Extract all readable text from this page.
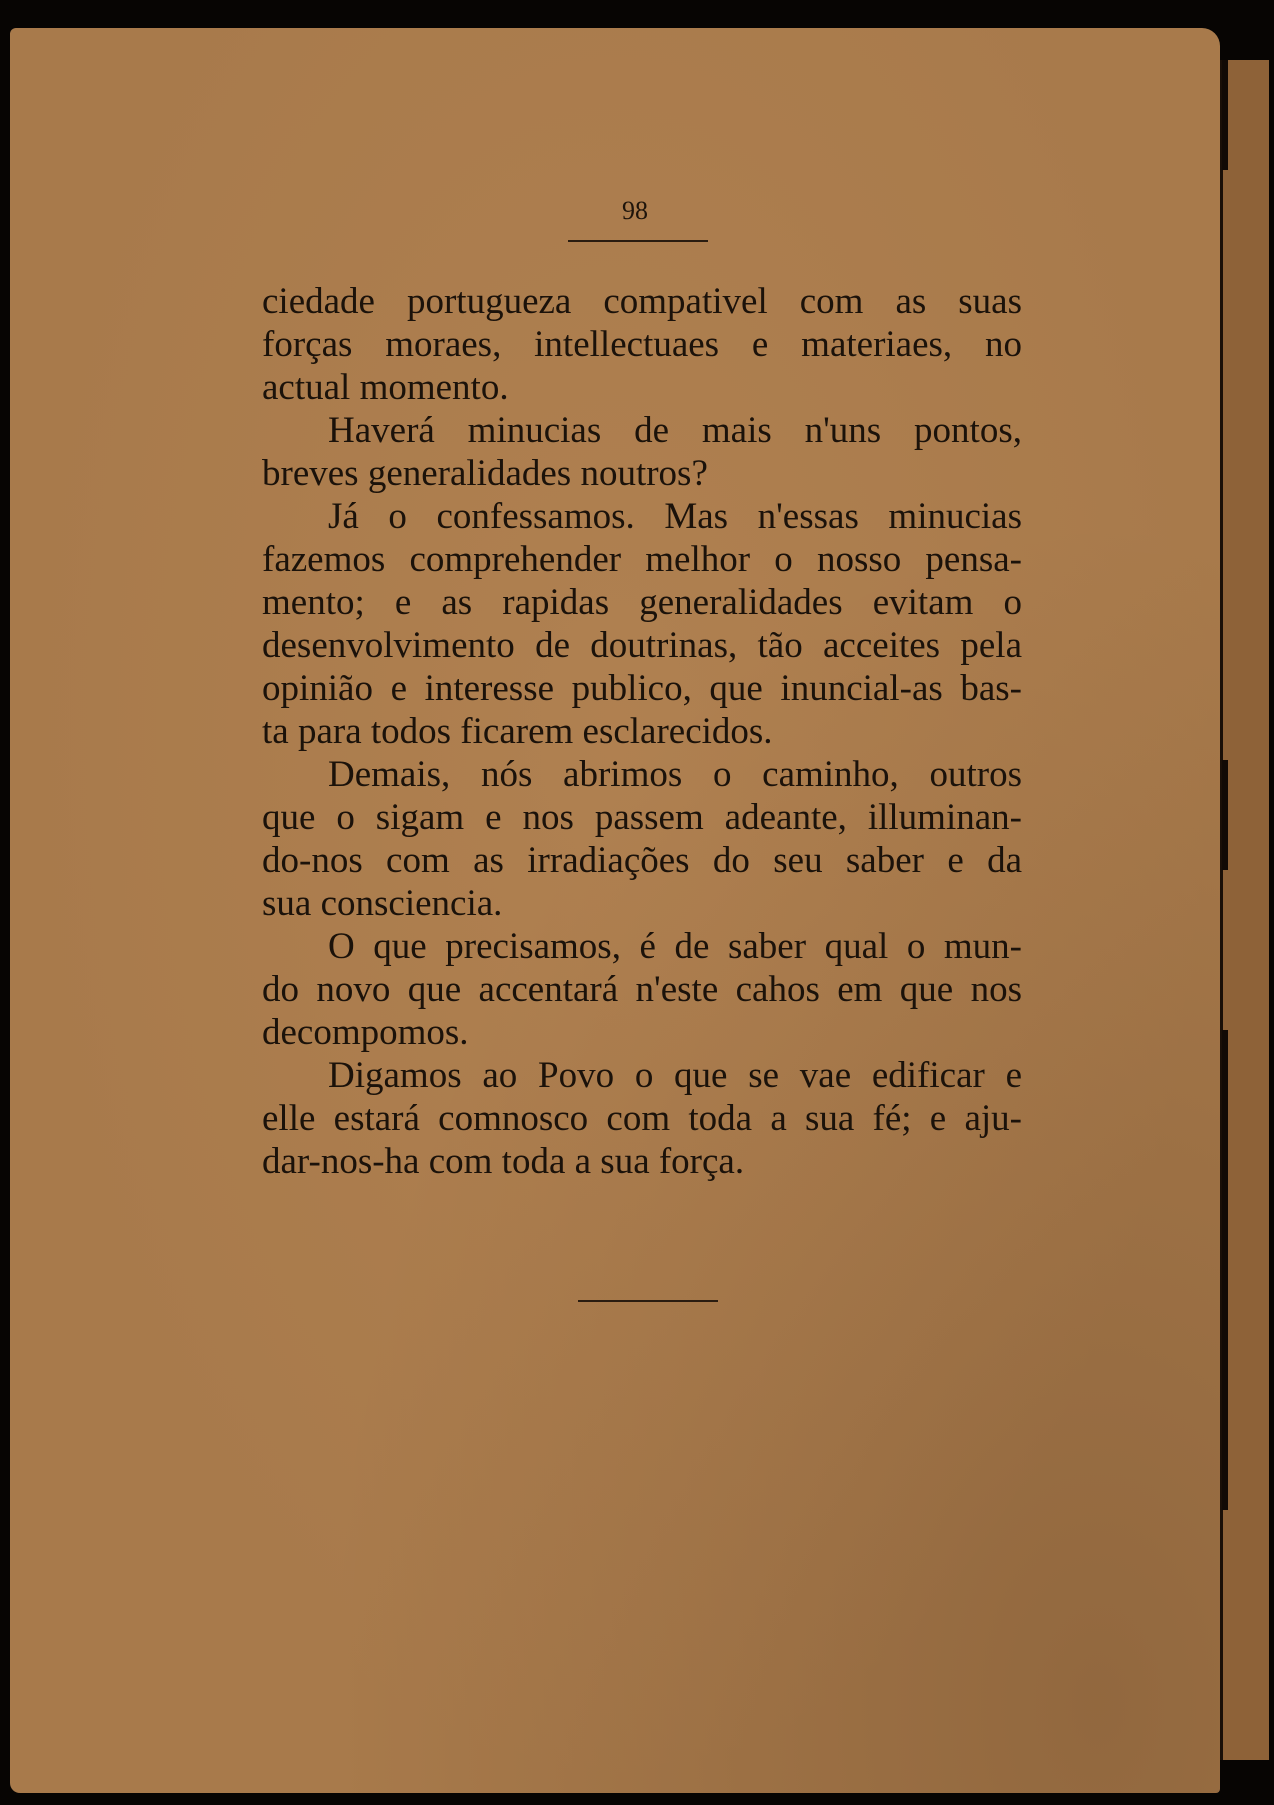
98
ciedade portugueza compativel com as suas
forças moraes, intellectuaes e materiaes, no
actual momento.
Haverá minucias de mais n'uns pontos,
breves generalidades noutros?
Já o confessamos. Mas n'essas minucias
fazemos comprehender melhor o nosso pensa-
mento; e as rapidas generalidades evitam o
desenvolvimento de doutrinas, tão acceites pela
opinião e interesse publico, que inuncial-as bas-
ta para todos ficarem esclarecidos.
Demais, nós abrimos o caminho, outros
que o sigam e nos passem adeante, illuminan-
do-nos com as irradiações do seu saber e da
sua consciencia.
O que precisamos, é de saber qual o mun-
do novo que accentará n'este cahos em que nos
decompomos.
Digamos ao Povo o que se vae edificar e
elle estará comnosco com toda a sua fé; e aju-
dar-nos-ha com toda a sua força.
